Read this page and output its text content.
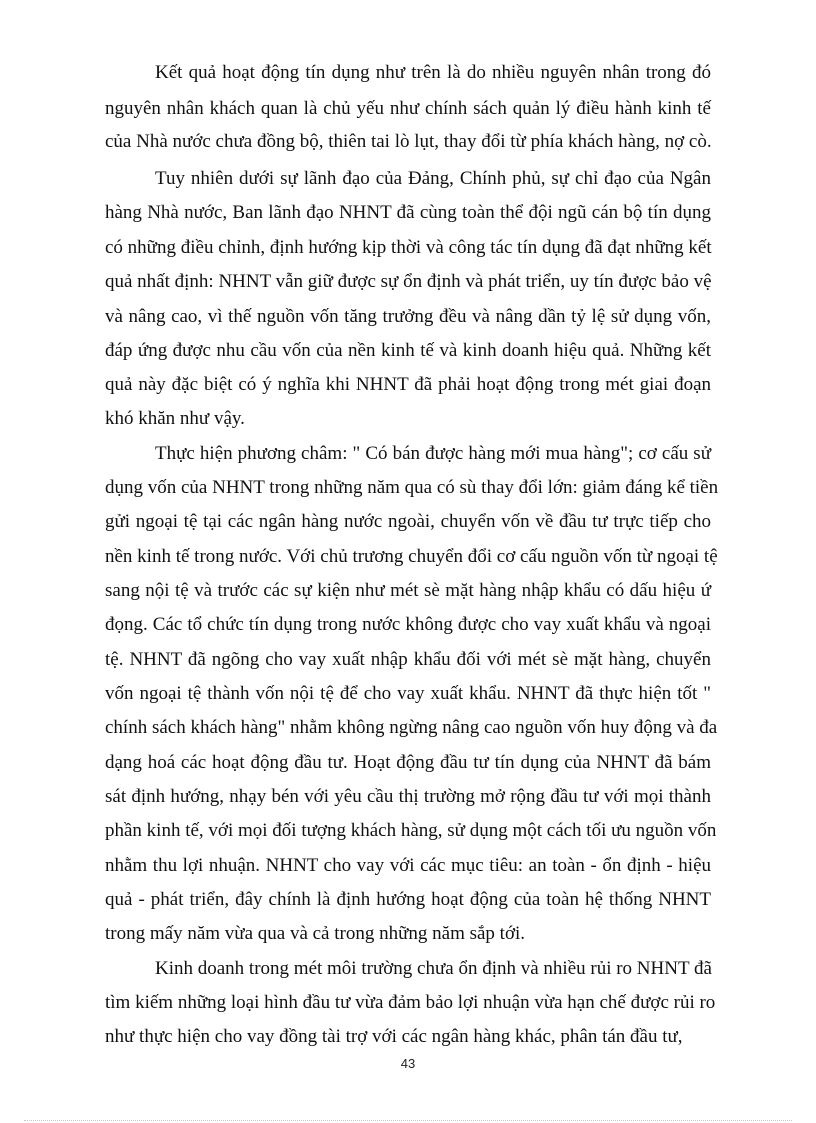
Kết quả hoạt động tín dụng như trên là do nhiều nguyên nhân trong đó

nguyên nhân khách quan là chủ yếu như chính sách quản lý điều hành kinh tế

của Nhà nước chưa đồng bộ, thiên tai lò lụt, thay đổi từ phía khách hàng, nợ cò.

Tuy nhiên dưới sự lãnh đạo của Đảng, Chính phủ, sự chỉ đạo của Ngân

hàng Nhà nước, Ban lãnh đạo NHNT đã cùng toàn thể đội ngũ cán bộ tín dụng

có những điều chỉnh, định hướng kịp thời và công tác tín dụng đã đạt những kết

quả nhất định: NHNT vẫn giữ được sự ổn định và phát triển, uy tín được bảo vệ

và nâng cao, vì thế nguồn vốn tăng trưởng đều và nâng dần tỷ lệ sử dụng vốn,

đáp ứng được nhu cầu vốn của nền kinh tế và kinh doanh hiệu quả. Những kết

quả này đặc biệt có ý nghĩa khi NHNT đã phải hoạt động trong mét giai đoạn

khó khăn như vậy.

Thực hiện phương châm: " Có bán được hàng mới mua hàng"; cơ cấu sử

dụng vốn của NHNT trong những năm qua có sù thay đổi lớn: giảm đáng kể tiền

gửi ngoại tệ tại các ngân hàng nước ngoài, chuyển vốn về đầu tư trực tiếp cho

nền kinh tế trong nước. Với chủ trương chuyển đổi cơ cấu nguồn vốn từ ngoại tệ

sang nội tệ và trước các sự kiện như mét sè mặt hàng nhập khẩu có dấu hiệu ứ

đọng. Các tổ chức tín dụng trong nước không được cho vay xuất khẩu và ngoại

tệ. NHNT đã ngõng cho vay xuất nhập khẩu đối với mét sè mặt hàng, chuyển

vốn ngoại tệ thành vốn nội tệ để cho vay xuất khẩu. NHNT đã thực hiện tốt "

chính sách khách hàng" nhằm không ngừng nâng cao nguồn vốn huy động và đa

dạng hoá các hoạt động đầu tư. Hoạt động đầu tư tín dụng của NHNT đã bám

sát định hướng, nhạy bén với yêu cầu thị trường mở rộng đầu tư với mọi thành

phần kinh tế, với mọi đối tượng khách hàng, sử dụng một cách tối ưu nguồn vốn

nhằm thu lợi nhuận. NHNT cho vay với các mục tiêu: an toàn - ổn định - hiệu

quả - phát triển, đây chính là định hướng hoạt động của toàn hệ thống NHNT

trong mấy năm vừa qua và cả trong những năm sắp tới.

Kinh doanh trong mét môi trường chưa ổn định và nhiều rủi ro NHNT đã

tìm kiếm những loại hình đầu tư vừa đảm bảo lợi nhuận vừa hạn chế được rủi ro

như thực hiện cho vay đồng tài trợ với các ngân hàng khác, phân tán đầu tư,

43
